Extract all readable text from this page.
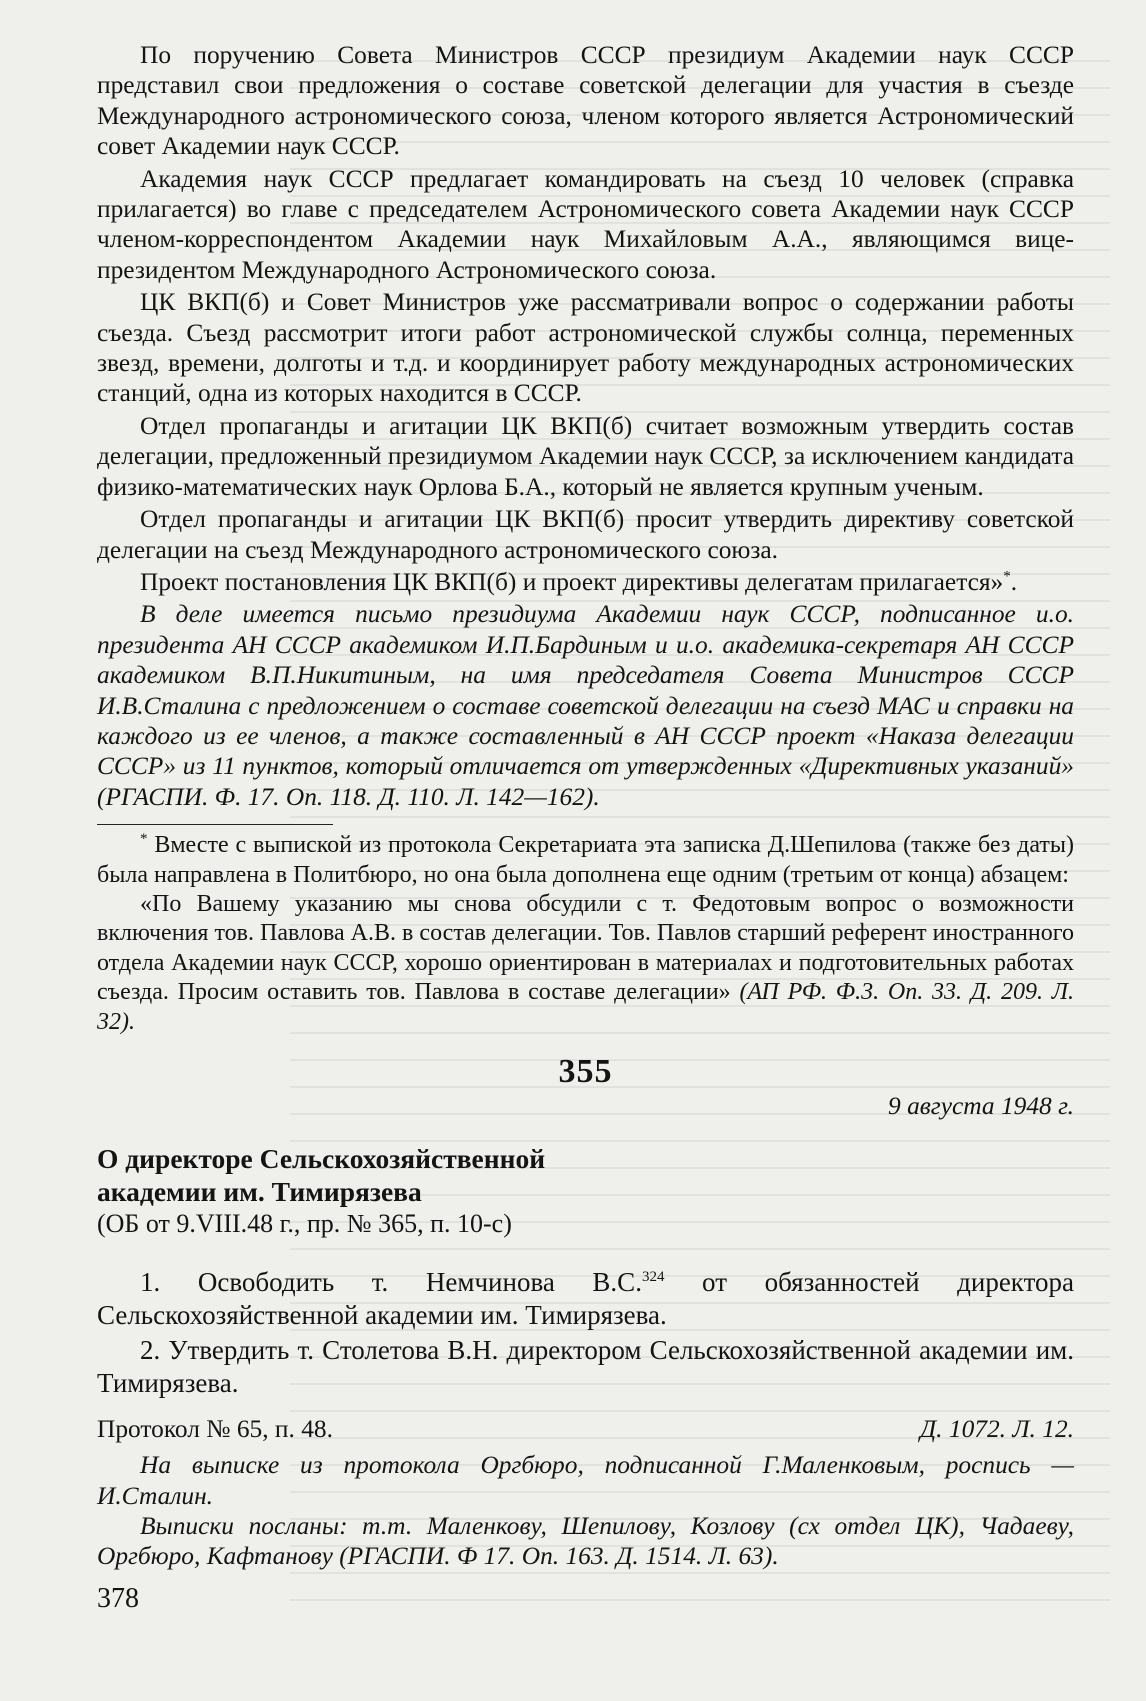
По поручению Совета Министров СССР президиум Академии наук СССР представил свои предложения о составе советской делегации для участия в съезде Международного астрономического союза, членом которого является Астрономический совет Академии наук СССР.

Академия наук СССР предлагает командировать на съезд 10 человек (справка прилагается) во главе с председателем Астрономического совета Академии наук СССР членом-корреспондентом Академии наук Михайловым А.А., являющимся вице-президентом Международного Астрономического союза.

ЦК ВКП(б) и Совет Министров уже рассматривали вопрос о содержании работы съезда. Съезд рассмотрит итоги работ астрономической службы солнца, переменных звезд, времени, долготы и т.д. и координирует работу международных астрономических станций, одна из которых находится в СССР.

Отдел пропаганды и агитации ЦК ВКП(б) считает возможным утвердить состав делегации, предложенный президиумом Академии наук СССР, за исключением кандидата физико-математических наук Орлова Б.А., который не является крупным ученым.

Отдел пропаганды и агитации ЦК ВКП(б) просит утвердить директиву советской делегации на съезд Международного астрономического союза.

Проект постановления ЦК ВКП(б) и проект директивы делегатам прилагается»*.

В деле имеется письмо президиума Академии наук СССР, подписанное и.о. президента АН СССР академиком И.П.Бардиным и и.о. академика-секретаря АН СССР академиком В.П.Никитиным, на имя председателя Совета Министров СССР И.В.Сталина с предложением о составе советской делегации на съезд МАС и справки на каждого из ее членов, а также составленный в АН СССР проект «Наказа делегации СССР» из 11 пунктов, который отличается от утвержденных «Директивных указаний» (РГАСПИ. Ф. 17. Оп. 118. Д. 110. Л. 142—162).

* Вместе с выпиской из протокола Секретариата эта записка Д.Шепилова (также без даты) была направлена в Политбюро, но она была дополнена еще одним (третьим от конца) абзацем:

«По Вашему указанию мы снова обсудили с т. Федотовым вопрос о возможности включения тов. Павлова А.В. в состав делегации. Тов. Павлов старший референт иностранного отдела Академии наук СССР, хорошо ориентирован в материалах и подготовительных работах съезда. Просим оставить тов. Павлова в составе делегации» (АП РФ. Ф.3. Оп. 33. Д. 209. Л. 32).

355

9 августа 1948 г.

О директоре Сельскохозяйственной
академии им. Тимирязева
(ОБ от 9.VIII.48 г., пр. № 365, п. 10-с)

1. Освободить т. Немчинова В.С.$^{324}$ от обязанностей директора Сельскохозяйственной академии им. Тимирязева.

2. Утвердить т. Столетова В.Н. директором Сельскохозяйственной академии им. Тимирязева.

Протокол № 65, п. 48.	Д. 1072. Л. 12.

На выписке из протокола Оргбюро, подписанной Г.Маленковым, роспись — И.Сталин.

Выписки посланы: т.т. Маленкову, Шепилову, Козлову (сх отдел ЦК), Чадаеву, Оргбюро, Кафтанову (РГАСПИ. Ф 17. Оп. 163. Д. 1514. Л. 63).

378
